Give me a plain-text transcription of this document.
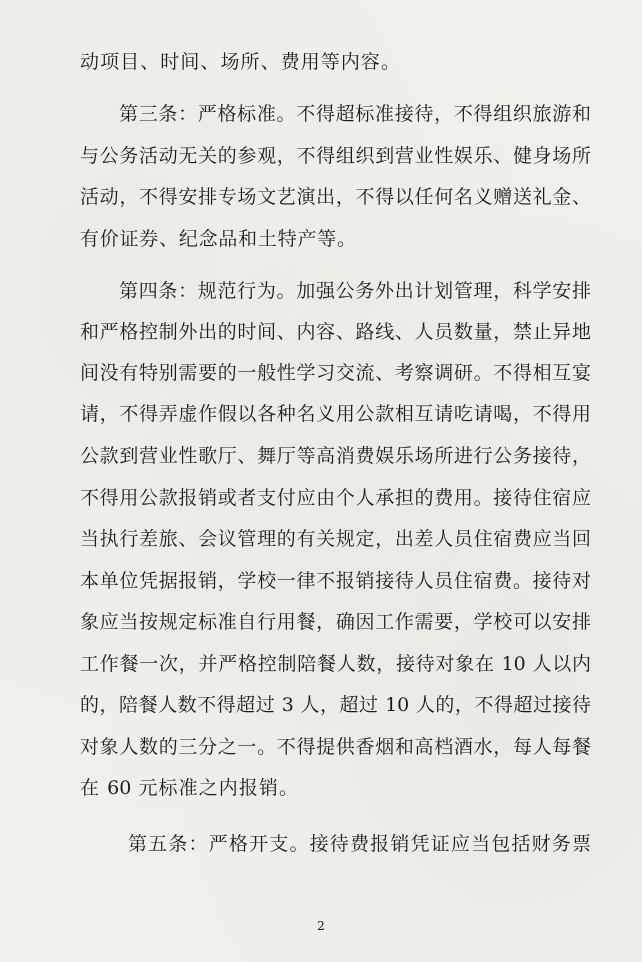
动项目、时间、场所、费用等内容。
第三条：严格标准。不得超标准接待，不得组织旅游和
与公务活动无关的参观，不得组织到营业性娱乐、健身场所
活动，不得安排专场文艺演出，不得以任何名义赠送礼金、
有价证券、纪念品和土特产等。
第四条：规范行为。加强公务外出计划管理，科学安排
和严格控制外出的时间、内容、路线、人员数量，禁止异地
间没有特别需要的一般性学习交流、考察调研。不得相互宴
请，不得弄虚作假以各种名义用公款相互请吃请喝，不得用
公款到营业性歌厅、舞厅等高消费娱乐场所进行公务接待，
不得用公款报销或者支付应由个人承担的费用。接待住宿应
当执行差旅、会议管理的有关规定，出差人员住宿费应当回
本单位凭据报销，学校一律不报销接待人员住宿费。接待对
象应当按规定标准自行用餐，确因工作需要，学校可以安排
工作餐一次，并严格控制陪餐人数，接待对象在 10 人以内
的，陪餐人数不得超过 3 人，超过 10 人的，不得超过接待
对象人数的三分之一。不得提供香烟和高档酒水，每人每餐
在 60 元标准之内报销。
第五条：严格开支。接待费报销凭证应当包括财务票
2
